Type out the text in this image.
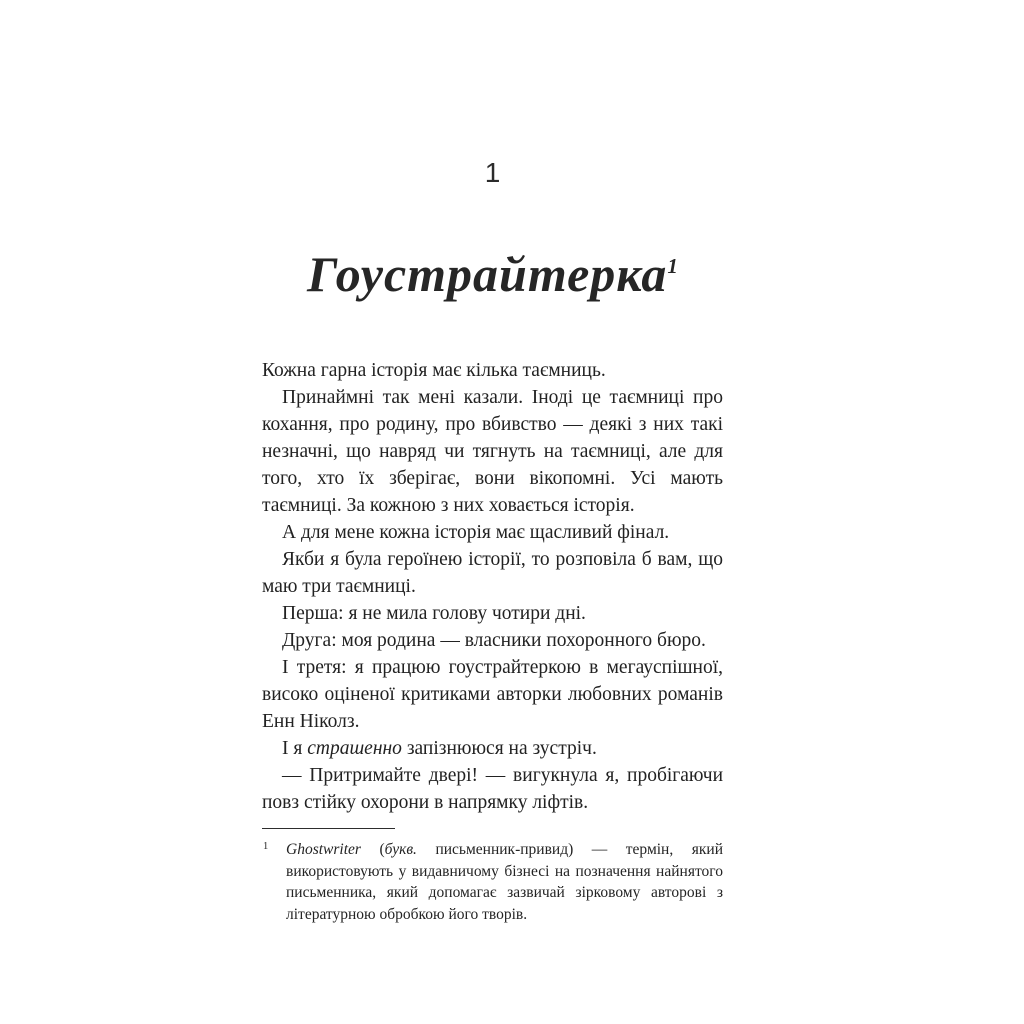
1
Гоустрайтерка$^1$

Кожна гарна історія має кілька таємниць.

Принаймні так мені казали. Іноді це таємниці про кохання, про родину, про вбивство — деякі з них такі незначні, що навряд чи тягнуть на таємниці, але для того, хто їх зберігає, вони вікопомні. Усі мають таємниці. За кожною з них ховається історія.

А для мене кожна історія має щасливий фінал.

Якби я була героїнею історії, то розповіла б вам, що маю три таємниці.

Перша: я не мила голову чотири дні.

Друга: моя родина — власники похоронного бюро.

І третя: я працюю гоустрайтеркою в мегауспішної, високо оціненої критиками авторки любовних романів Енн Ніколз.

І я страшенно запізнююся на зустріч.

— Притримайте двері! — вигукнула я, пробігаючи повз стійку охорони в напрямку ліфтів.

1 Ghostwriter (букв. письменник-привид) — термін, який використовують у видавничому бізнесі на позначення найнятого письменника, який допомагає зазвичай зірковому авторові з літературною обробкою його творів.
